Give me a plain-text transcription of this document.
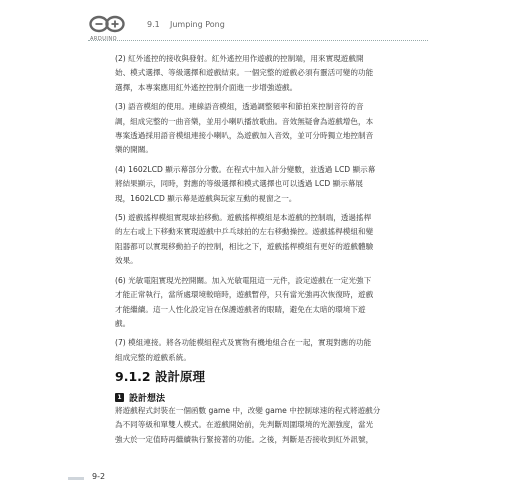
ARDUINO
9.1 Jumping Pong

(2) 紅外遙控的接收與發射。紅外遙控用作遊戲的控制端，用來實現遊戲開

始、模式選擇、等級選擇和遊戲結束。一個完整的遊戲必須有靈活可變的功能

選擇，本專案應用紅外遙控控制介面進一步增強遊戲。

(3) 語音模組的使用。連線語音模組，透過調整頻率和節拍來控制音符的音

調，組成完整的一曲音樂，並用小喇叭播放歌曲。音效無疑會為遊戲增色，本

專案透過採用語音模組連接小喇叭，為遊戲加入音效，並可分時獨立地控制音

樂的開關。

(4) 1602LCD 顯示幕部分分數。在程式中加入計分變數，並透過 LCD 顯示幕

將結果顯示，同時，對應的等級選擇和模式選擇也可以透過 LCD 顯示幕展

現，1602LCD 顯示幕是遊戲與玩家互動的視窗之一。

(5) 遊戲搖桿模組實現球拍移動。遊戲搖桿模組是本遊戲的控制端，透過搖桿

的左右或上下移動來實現遊戲中乒乓球拍的左右移動操控。遊戲搖桿模組和變

阻器都可以實現移動拍子的控制，相比之下，遊戲搖桿模組有更好的遊戲體驗

效果。

(6) 光敏電阻實現光控開關。加入光敏電阻這一元件，設定遊戲在一定光強下

才能正常執行，當所處環境較暗時，遊戲暫停，只有當光強再次恢復時，遊戲

才能繼續。這一人性化設定旨在保護遊戲者的眼睛，避免在太暗的環境下遊

戲。

(7) 模組連接。將各功能模組程式及實物有機地組合在一起，實現對應的功能

組成完整的遊戲系統。

9.1.2 設計原理
1 設計想法

將遊戲程式封裝在一個函數 game 中，改變 game 中控制球速的程式將遊戲分

為不同等級和單雙人模式。在遊戲開始前，先判斷周圍環境的光源強度，當光

強大於一定值時再繼續執行緊接著的功能。之後，判斷是否接收到紅外訊號，

9-2
